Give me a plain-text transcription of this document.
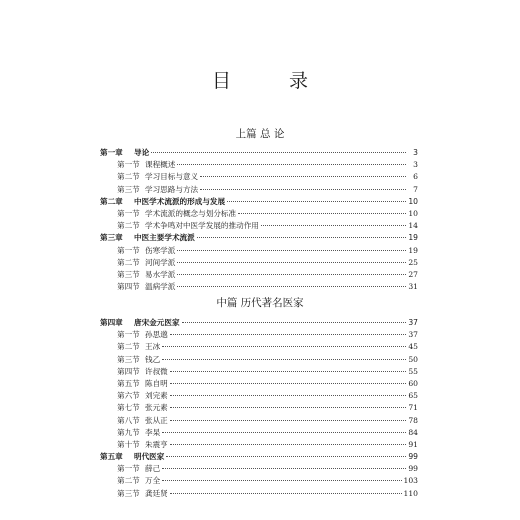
目 录
上篇 总 论
第一章	导论	3
第一节 课程概述	3
第二节 学习目标与意义	6
第三节 学习思路与方法	7
第二章	中医学术流派的形成与发展	10
第一节 学术流派的概念与划分标准	10
第二节 学术争鸣对中医学发展的推动作用	14
第三章	中医主要学术流派	19
第一节 伤寒学派	19
第二节 河间学派	25
第三节 易水学派	27
第四节 温病学派	31
中篇 历代著名医家
第四章	唐宋金元医家	37
第一节 孙思邈	37
第二节 王冰	45
第三节 钱乙	50
第四节 许叔微	55
第五节 陈自明	60
第六节 刘完素	65
第七节 张元素	71
第八节 张从正	78
第九节 李杲	84
第十节 朱震亨	91
第五章	明代医家	99
第一节 薛己	99
第二节 万全	103
第三节 龚廷贤	110
